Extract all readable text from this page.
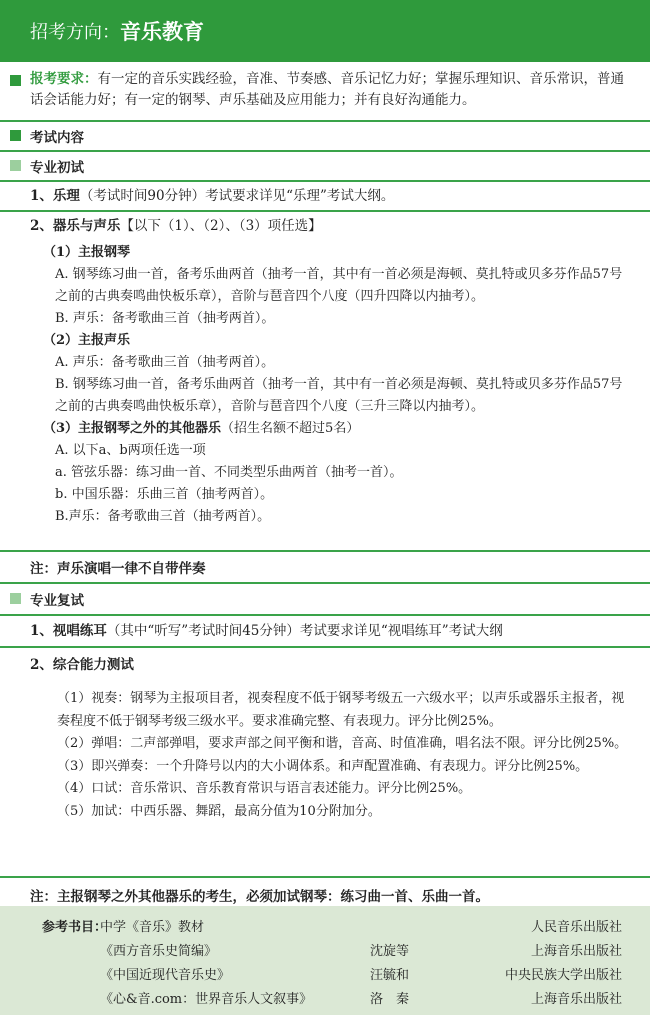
招考方向： 音乐教育
报考要求：有一定的音乐实践经验，音准、节奏感、音乐记忆力好；掌握乐理知识、音乐常识，普通话会话能力好；有一定的钢琴、声乐基础及应用能力；并有良好沟通能力。
考试内容
专业初试
1、乐理（考试时间90分钟）考试要求详见“乐理”考试大纲。
2、器乐与声乐【以下（1）、（2）、（3）项任选】
（1）主报钢琴
A. 钢琴练习曲一首，备考乐曲两首（抽考一首，其中有一首必须是海顿、莫扎特或贝多芬作品57号之前的古典奏鸣曲快板乐章），音阶与琶音四个八度（四升四降以内抽考）。
B. 声乐：备考歌曲三首（抽考两首）。
（2）主报声乐
A. 声乐：备考歌曲三首（抽考两首）。
B. 钢琴练习曲一首，备考乐曲两首（抽考一首，其中有一首必须是海顿、莫扎特或贝多芬作品57号之前的古典奏鸣曲快板乐章），音阶与琶音四个八度（三升三降以内抽考）。
（3）主报钢琴之外的其他器乐（招生名额不超过5名）
A. 以下a、b两项任选一项
a. 管弦乐器：练习曲一首、不同类型乐曲两首（抽考一首）。
b. 中国乐器：乐曲三首（抽考两首）。
B.声乐：备考歌曲三首（抽考两首）。
注：声乐演唱一律不自带伴奏
专业复试
1、视唱练耳（其中“听写”考试时间45分钟）考试要求详见“视唱练耳”考试大纲
2、综合能力测试
（1）视奏：钢琴为主报项目者，视奏程度不低于钢琴考级五一六级水平；以声乐或器乐主报者，视奏程度不低于钢琴考级三级水平。要求准确完整、有表现力。评分比例25%。
（2）弹唱：二声部弹唱，要求声部之间平衡和谐，音高、时值准确，唱名法不限。评分比例25%。
（3）即兴弹奏：一个升降号以内的大小调体系。和声配置准确、有表现力。评分比例25%。
（4）口试：音乐常识、音乐教育常识与语言表述能力。评分比例25%。
（5）加试：中西乐器、舞蹈，最高分值为10分附加分。
注：主报钢琴之外其他器乐的考生，必须加试钢琴：练习曲一首、乐曲一首。
参考书目：
中学《音乐》教材	人民音乐出版社
《西方音乐史简编》	沈旋等	上海音乐出版社
《中国近现代音乐史》	汪毓和	中央民族大学出版社
《心&音.com：世界音乐人文叙事》	洛　秦	上海音乐出版社
